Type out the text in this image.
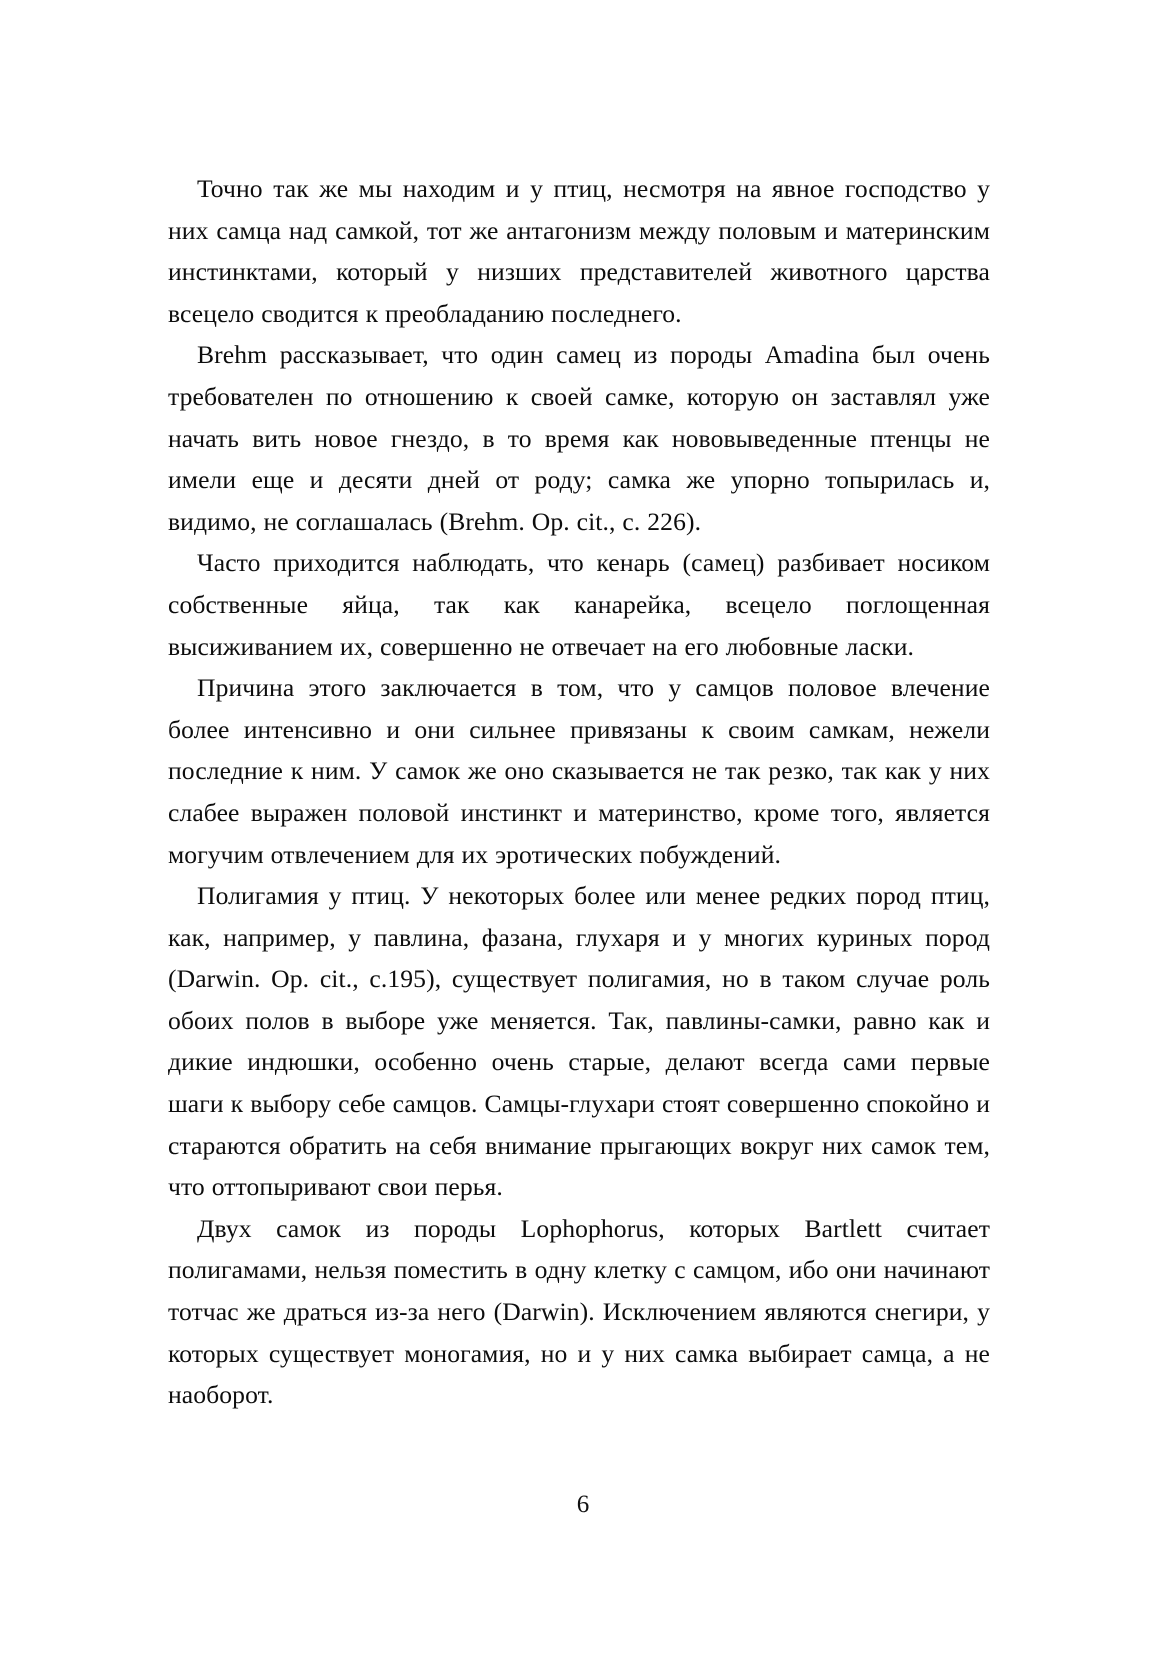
Точно так же мы находим и у птиц, несмотря на явное господство у них самца над самкой, тот же антагонизм между половым и материнским инстинктами, который у низших представителей животного царства всецело сводится к преобладанию последнего.

Brehm рассказывает, что один самец из породы Amadina был очень требователен по отношению к своей самке, которую он заставлял уже начать вить новое гнездо, в то время как нововыведенные птенцы не имели еще и десяти дней от роду; самка же упорно топырилась и, видимо, не соглашалась (Brehm. Op. cit., с. 226).

Часто приходится наблюдать, что кенарь (самец) разбивает носиком собственные яйца, так как канарейка, всецело поглощенная высиживанием их, совершенно не отвечает на его любовные ласки.

Причина этого заключается в том, что у самцов половое влечение более интенсивно и они сильнее привязаны к своим самкам, нежели последние к ним. У самок же оно сказывается не так резко, так как у них слабее выражен половой инстинкт и материнство, кроме того, является могучим отвлечением для их эротических побуждений.

Полигамия у птиц. У некоторых более или менее редких пород птиц, как, например, у павлина, фазана, глухаря и у многих куриных пород (Darwin. Op. cit., с.195), существует полигамия, но в таком случае роль обоих полов в выборе уже меняется. Так, павлины-самки, равно как и дикие индюшки, особенно очень старые, делают всегда сами первые шаги к выбору себе самцов. Самцы-глухари стоят совершенно спокойно и стараются обратить на себя внимание прыгающих вокруг них самок тем, что оттопыривают свои перья.

Двух самок из породы Lophophorus, которых Bartlett считает полигамами, нельзя поместить в одну клетку с самцом, ибо они начинают тотчас же драться из-за него (Darwin). Исключением являются снегири, у которых существует моногамия, но и у них самка выбирает самца, а не наоборот.

6
